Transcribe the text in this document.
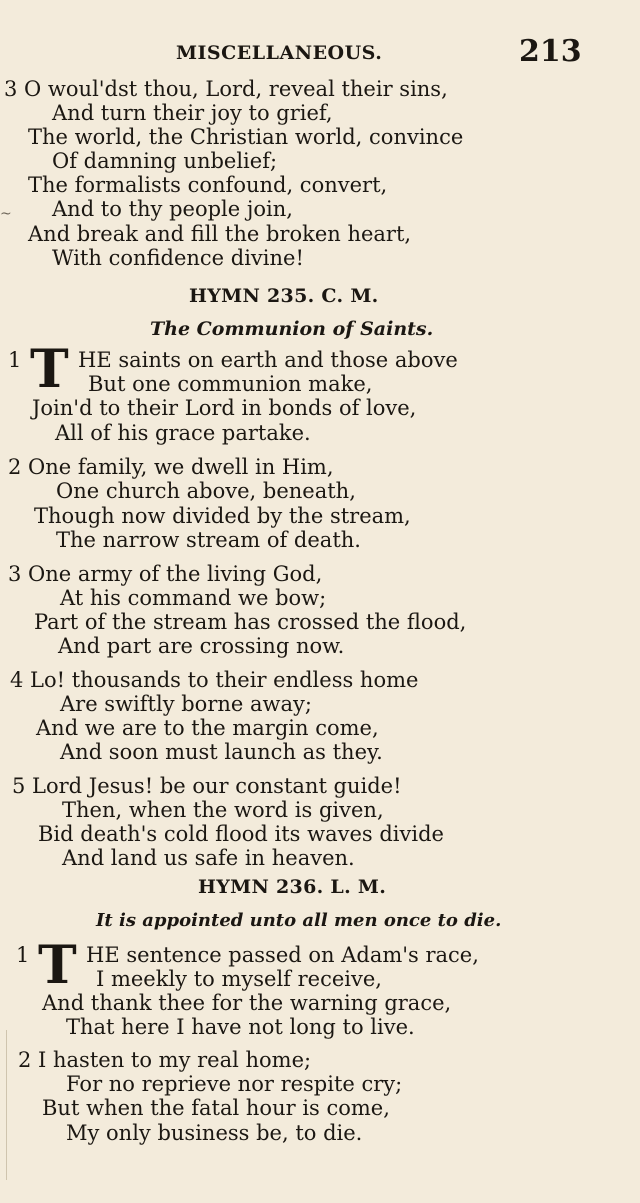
MISCELLANEOUS.	213
~
3 O woul'dst thou, Lord, reveal their sins,
And turn their joy to grief,
The world, the Christian world, convince
Of damning unbelief;
The formalists confound, convert,
And to thy people join,
And break and fill the broken heart,
With confidence divine!
HYMN 235. C. M.
The Communion of Saints.
1 T HE saints on earth and those above
But one communion make,
Join'd to their Lord in bonds of love,
All of his grace partake.
2 One family, we dwell in Him,
One church above, beneath,
Though now divided by the stream,
The narrow stream of death.
3 One army of the living God,
At his command we bow;
Part of the stream has crossed the flood,
And part are crossing now.
4 Lo! thousands to their endless home
Are swiftly borne away;
And we are to the margin come,
And soon must launch as they.
5 Lord Jesus! be our constant guide!
Then, when the word is given,
Bid death's cold flood its waves divide
And land us safe in heaven.
HYMN 236. L. M.
It is appointed unto all men once to die.
1 T HE sentence passed on Adam's race,
I meekly to myself receive,
And thank thee for the warning grace,
That here I have not long to live.
2 I hasten to my real home;
For no reprieve nor respite cry;
But when the fatal hour is come,
My only business be, to die.
